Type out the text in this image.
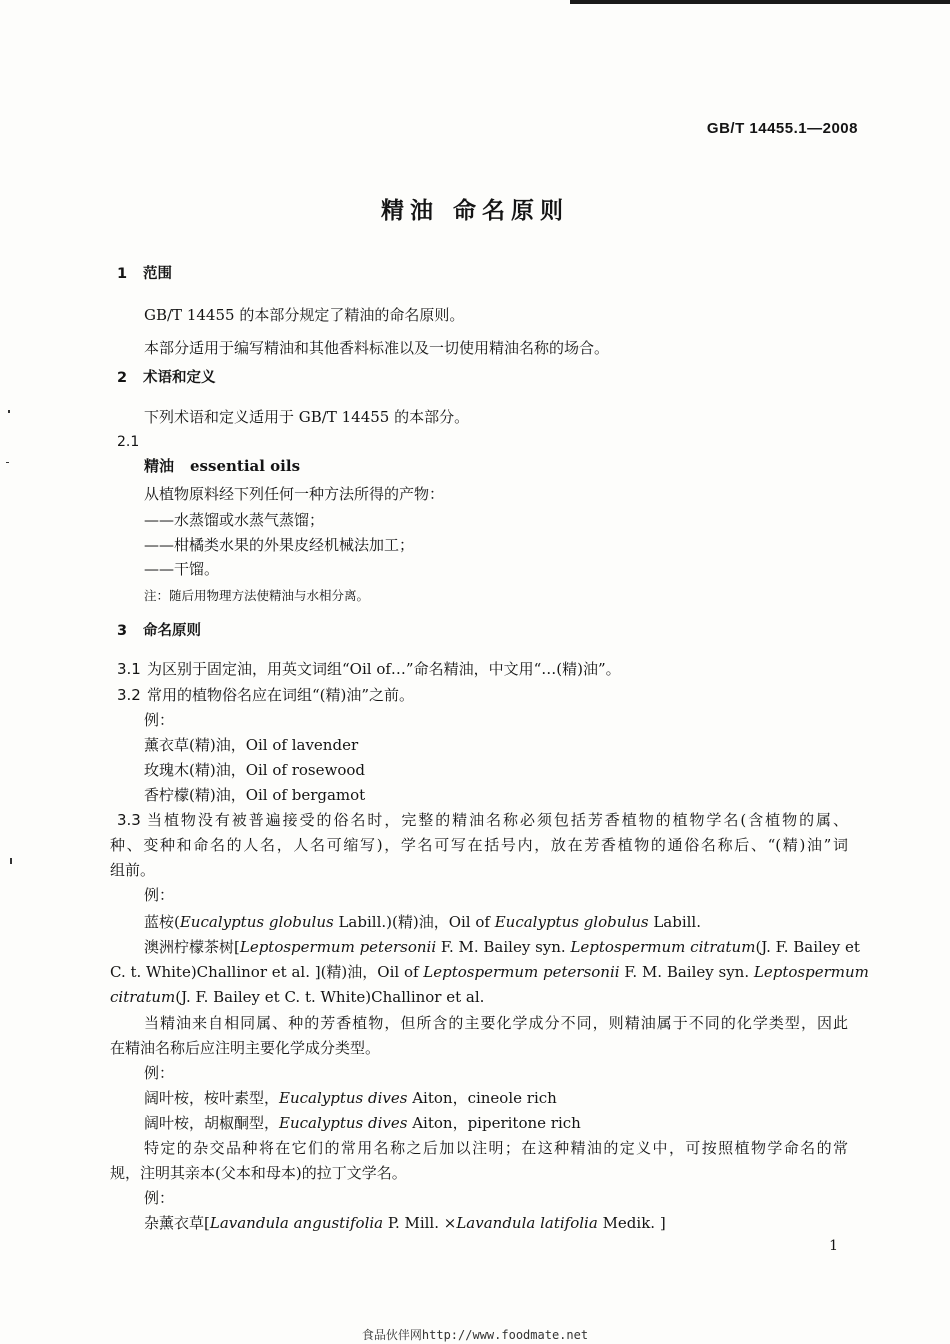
GB/T 14455.1—2008
精油 命名原则
1 范围
GB/T 14455 的本部分规定了精油的命名原则。
本部分适用于编写精油和其他香料标准以及一切使用精油名称的场合。
2 术语和定义
下列术语和定义适用于 GB/T 14455 的本部分。
2.1
精油 essential oils
从植物原料经下列任何一种方法所得的产物：
——水蒸馏或水蒸气蒸馏；
——柑橘类水果的外果皮经机械法加工；
——干馏。
注：随后用物理方法使精油与水相分离。
3 命名原则
3.1 为区别于固定油，用英文词组“Oil of…”命名精油，中文用“…(精)油”。
3.2 常用的植物俗名应在词组“(精)油”之前。
例：
薰衣草(精)油，Oil of lavender
玫瑰木(精)油，Oil of rosewood
香柠檬(精)油，Oil of bergamot
3.3 当植物没有被普遍接受的俗名时，完整的精油名称必须包括芳香植物的植物学名(含植物的属、
种、变种和命名的人名，人名可缩写)，学名可写在括号内，放在芳香植物的通俗名称后、“(精)油”词
组前。
例：
蓝桉(Eucalyptus globulus Labill.)(精)油，Oil of Eucalyptus globulus Labill.
澳洲柠檬茶树[Leptospermum petersonii F. M. Bailey syn. Leptospermum citratum(J. F. Bailey et
C. t. White)Challinor et al. ](精)油，Oil of Leptospermum petersonii F. M. Bailey syn. Leptospermum
citratum(J. F. Bailey et C. t. White)Challinor et al.
当精油来自相同属、种的芳香植物，但所含的主要化学成分不同，则精油属于不同的化学类型，因此
在精油名称后应注明主要化学成分类型。
例：
阔叶桉，桉叶素型，Eucalyptus dives Aiton，cineole rich
阔叶桉，胡椒酮型，Eucalyptus dives Aiton，piperitone rich
特定的杂交品种将在它们的常用名称之后加以注明；在这种精油的定义中，可按照植物学命名的常
规，注明其亲本(父本和母本)的拉丁文学名。
例：
杂薰衣草[Lavandula angustifolia P. Mill. ×Lavandula latifolia Medik. ]
1
食品伙伴网http://www.foodmate.net
